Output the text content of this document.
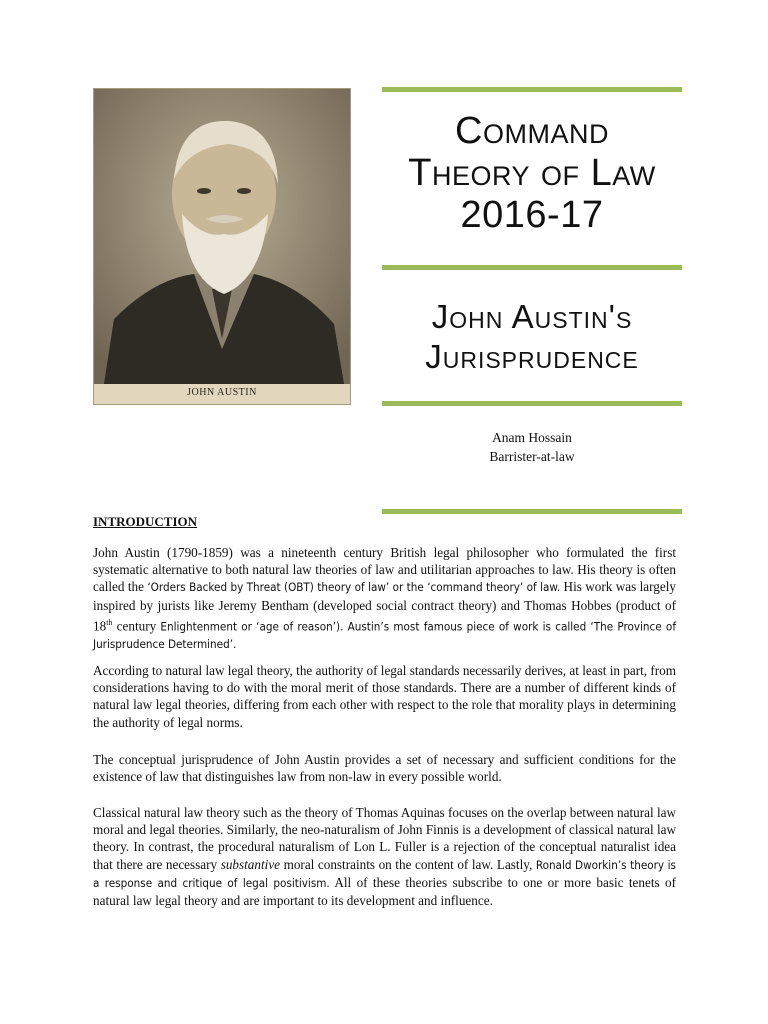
JOHN AUSTIN
Command
Theory of Law
2016-17
John Austin's
Jurisprudence
Anam Hossain
Barrister-at-law
INTRODUCTION

John Austin (1790-1859) was a nineteenth century British legal philosopher who formulated the first systematic alternative to both natural law theories of law and utilitarian approaches to law. His theory is often called the ‘Orders Backed by Threat (OBT) theory of law’ or the ‘command theory’ of law. His work was largely inspired by jurists like Jeremy Bentham (developed social contract theory) and Thomas Hobbes (product of 18th century Enlightenment or ‘age of reason’). Austin’s most famous piece of work is called ‘The Province of Jurisprudence Determined’.

According to natural law legal theory, the authority of legal standards necessarily derives, at least in part, from considerations having to do with the moral merit of those standards. There are a number of different kinds of natural law legal theories, differing from each other with respect to the role that morality plays in determining the authority of legal norms.

The conceptual jurisprudence of John Austin provides a set of necessary and sufficient conditions for the existence of law that distinguishes law from non-law in every possible world.

Classical natural law theory such as the theory of Thomas Aquinas focuses on the overlap between natural law moral and legal theories. Similarly, the neo-naturalism of John Finnis is a development of classical natural law theory. In contrast, the procedural naturalism of Lon L. Fuller is a rejection of the conceptual naturalist idea that there are necessary substantive moral constraints on the content of law. Lastly, Ronald Dworkin’s theory is a response and critique of legal positivism. All of these theories subscribe to one or more basic tenets of natural law legal theory and are important to its development and influence.
